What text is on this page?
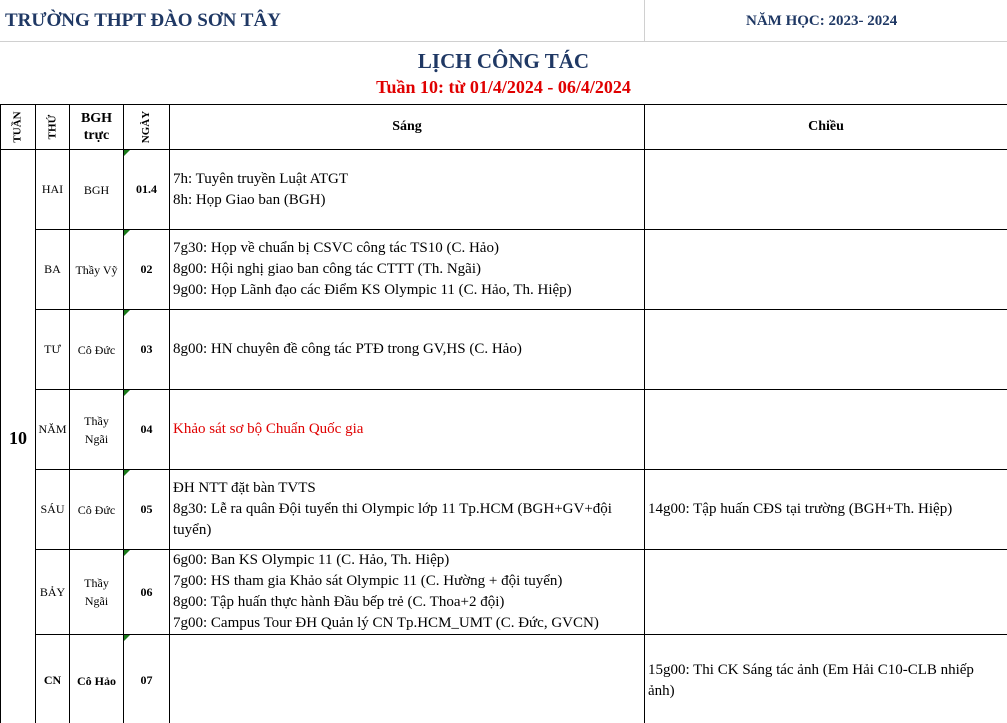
TRƯỜNG THPT ĐÀO SƠN TÂY	NĂM HỌC: 2023- 2024
LỊCH CÔNG TÁC
Tuần 10: từ 01/4/2024 - 06/4/2024
TUẦN	THỨ	BGH
trực	NGÀY	Sáng	Chiều
10	HAI	BGH	01.4	7h: Tuyên truyền Luật ATGT
8h: Họp Giao ban (BGH)	

	BA	Thầy Vỹ	02	7g30: Họp về chuẩn bị CSVC công tác TS10 (C. Hảo)
8g00: Hội nghị giao ban công tác CTTT (Th. Ngãi)
9g00: Họp Lãnh đạo các Điểm KS Olympic 11 (C. Hảo, Th. Hiệp)	

	TƯ	Cô Đức	03	8g00: HN chuyên đề công tác PTĐ trong GV,HS (C. Hảo)	

	NĂM	Thầy
Ngãi	04	Khảo sát sơ bộ Chuẩn Quốc gia	

	SÁU	Cô Đức	05	ĐH NTT đặt bàn TVTS
8g30: Lễ ra quân Đội tuyển thi Olympic lớp 11 Tp.HCM (BGH+GV+đội tuyển)	14g00: Tập huấn CĐS tại trường (BGH+Th. Hiệp)

	BẢY	Thầy
Ngãi	06	6g00: Ban KS Olympic 11 (C. Hảo, Th. Hiệp)
7g00: HS tham gia Khảo sát Olympic 11 (C. Hường + đội tuyển)
8g00: Tập huấn thực hành Đầu bếp trẻ (C. Thoa+2 đội)
7g00: Campus Tour ĐH Quản lý CN Tp.HCM_UMT (C. Đức, GVCN)	

	CN	Cô Hảo	07		15g00: Thi CK Sáng tác ảnh (Em Hải C10-CLB nhiếp ảnh)
